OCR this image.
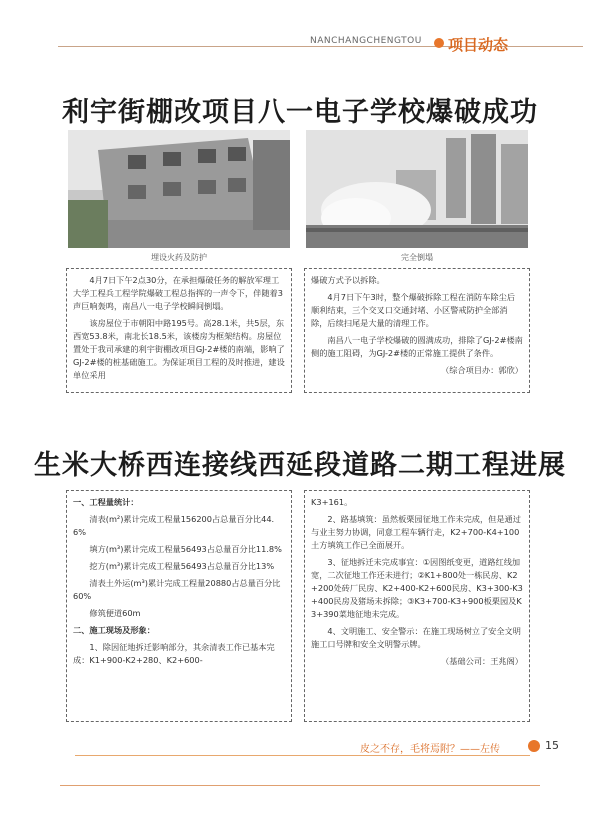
NANCHANGCHENGTOU 项目动态
利宇街棚改项目八一电子学校爆破成功
埋设火药及防护	完全倒塌

4月7日下午2点30分，在承担爆破任务的解放军理工大学工程兵工程学院爆破工程总指挥的一声令下，伴随着3声巨响轰鸣，南昌八一电子学校瞬间倒塌。

该房屋位于市朝阳中路195号。高28.1米，共5层，东西宽53.8米，南北长18.5米，该楼房为框架结构。房屋位置处于我司承建的利宇街棚改项目GJ-2#楼的南端，影响了GJ-2#楼的桩基础施工。为保证项目工程的及时推进，建设单位采用

爆破方式予以拆除。

4月7日下午3时，整个爆破拆除工程在消防车除尘后顺利结束，三个交叉口交通封堵、小区警戒防护全部消除，后续扫尾是大量的清理工作。

南昌八一电子学校爆破的圆满成功，排除了GJ-2#楼南侧的施工阻碍，为GJ-2#楼的正常施工提供了条件。

（综合项目办：郭欣）

生米大桥西连接线西延段道路二期工程进展

一、工程量统计：

清表(m²)累计完成工程量156200占总量百分比44.6%

填方(m³)累计完成工程量56493占总量百分比11.8%

挖方(m³)累计完成工程量56493占总量百分比13%

清表土外运(m³)累计完成工程量20880占总量百分比60%

修筑便道60m

二、施工现场及形象：

1、除因征地拆迁影响部分，其余清表工作已基本完成：K1+900-K2+280、K2+600-

K3+161。

2、路基填筑：虽然板栗园征地工作未完成，但是通过与业主努力协调，同意工程车辆行走，K2+700-K4+100土方填筑工作已全面展开。

3、征地拆迁未完成事宜：①因图纸变更，道路红线加宽，二次征地工作还未进行；②K1+800处一栋民房、K2+200处砖厂民房、K2+400-K2+600民房、K3+300-K3+400民房及猪场未拆除；③K3+700-K3+900板栗园及K3+390菜地征地未完成。

4、文明施工、安全警示：在施工现场树立了安全文明施工口号牌和安全文明警示牌。

（基础公司：王兆阁）

皮之不存，毛将焉附？——左传	15
